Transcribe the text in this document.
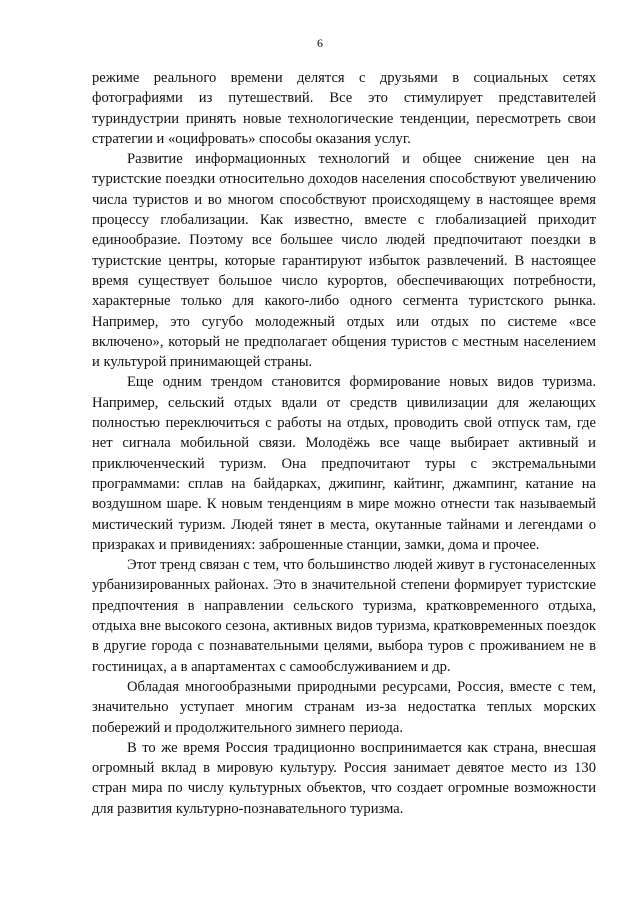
6

режиме реального времени делятся с друзьями в социальных сетях фотографиями из путешествий. Все это стимулирует представителей туриндустрии принять новые технологические тенденции, пересмотреть свои стратегии и «оцифровать» способы оказания услуг.

Развитие информационных технологий и общее снижение цен на туристские поездки относительно доходов населения способствуют увеличению числа туристов и во многом способствуют происходящему в настоящее время процессу глобализации. Как известно, вместе с глобализацией приходит единообразие. Поэтому все большее число людей предпочитают поездки в туристские центры, которые гарантируют избыток развлечений. В настоящее время существует большое число курортов, обеспечивающих потребности, характерные только для какого-либо одного сегмента туристского рынка. Например, это сугубо молодежный отдых или отдых по системе «все включено», который не предполагает общения туристов с местным населением и культурой принимающей страны.

Еще одним трендом становится формирование новых видов туризма. Например, сельский отдых вдали от средств цивилизации для желающих полностью переключиться с работы на отдых, проводить свой отпуск там, где нет сигнала мобильной связи. Молодёжь все чаще выбирает активный и приключенческий туризм. Она предпочитают туры с экстремальными программами: сплав на байдарках, джипинг, кайтинг, джампинг, катание на воздушном шаре. К новым тенденциям в мире можно отнести так называемый мистический туризм. Людей тянет в места, окутанные тайнами и легендами о призраках и привидениях: заброшенные станции, замки, дома и прочее.

Этот тренд связан с тем, что большинство людей живут в густонаселенных урбанизированных районах. Это в значительной степени формирует туристские предпочтения в направлении сельского туризма, кратковременного отдыха, отдыха вне высокого сезона, активных видов туризма, кратковременных поездок в другие города с познавательными целями, выбора туров с проживанием не в гостиницах, а в апартаментах с самообслуживанием и др.

Обладая многообразными природными ресурсами, Россия, вместе с тем, значительно уступает многим странам из-за недостатка теплых морских побережий и продолжительного зимнего периода.

В то же время Россия традиционно воспринимается как страна, внесшая огромный вклад в мировую культуру. Россия занимает девятое место из 130 стран мира по числу культурных объектов, что создает огромные возможности для развития культурно-познавательного туризма.
